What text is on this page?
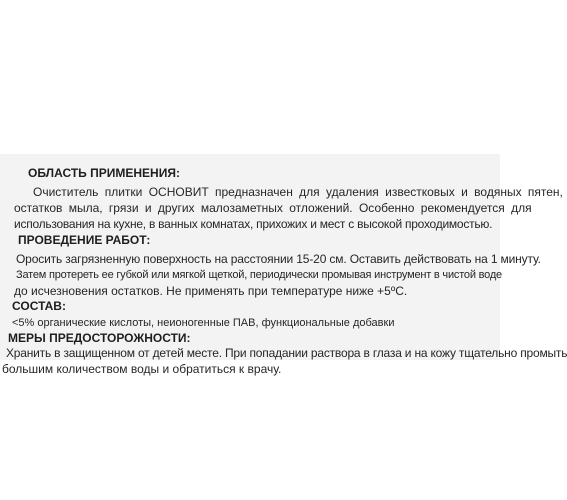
ОБЛАСТЬ ПРИМЕНЕНИЯ:
Очиститель плитки ОСНОВИТ предназначен для удаления известковых и водяных пятен,
остатков мыла, грязи и других малозаметных отложений. Особенно рекомендуется для
использования на кухне, в ванных комнатах, прихожих и мест с высокой проходимостью.
ПРОВЕДЕНИЕ РАБОТ:
Оросить загрязненную поверхность на расстоянии 15-20 см. Оставить действовать на 1 минуту.
Затем протереть ее губкой или мягкой щеткой, периодически промывая инструмент в чистой воде
до исчезновения остатков. Не применять при температуре ниже +5ºС.
СОСТАВ:
<5% органические кислоты, неионогенные ПАВ, функциональные добавки
МЕРЫ ПРЕДОСТОРОЖНОСТИ:
Хранить в защищенном от детей месте. При попадании раствора в глаза и на кожу тщательно промыть
большим количеством воды и обратиться к врачу.
